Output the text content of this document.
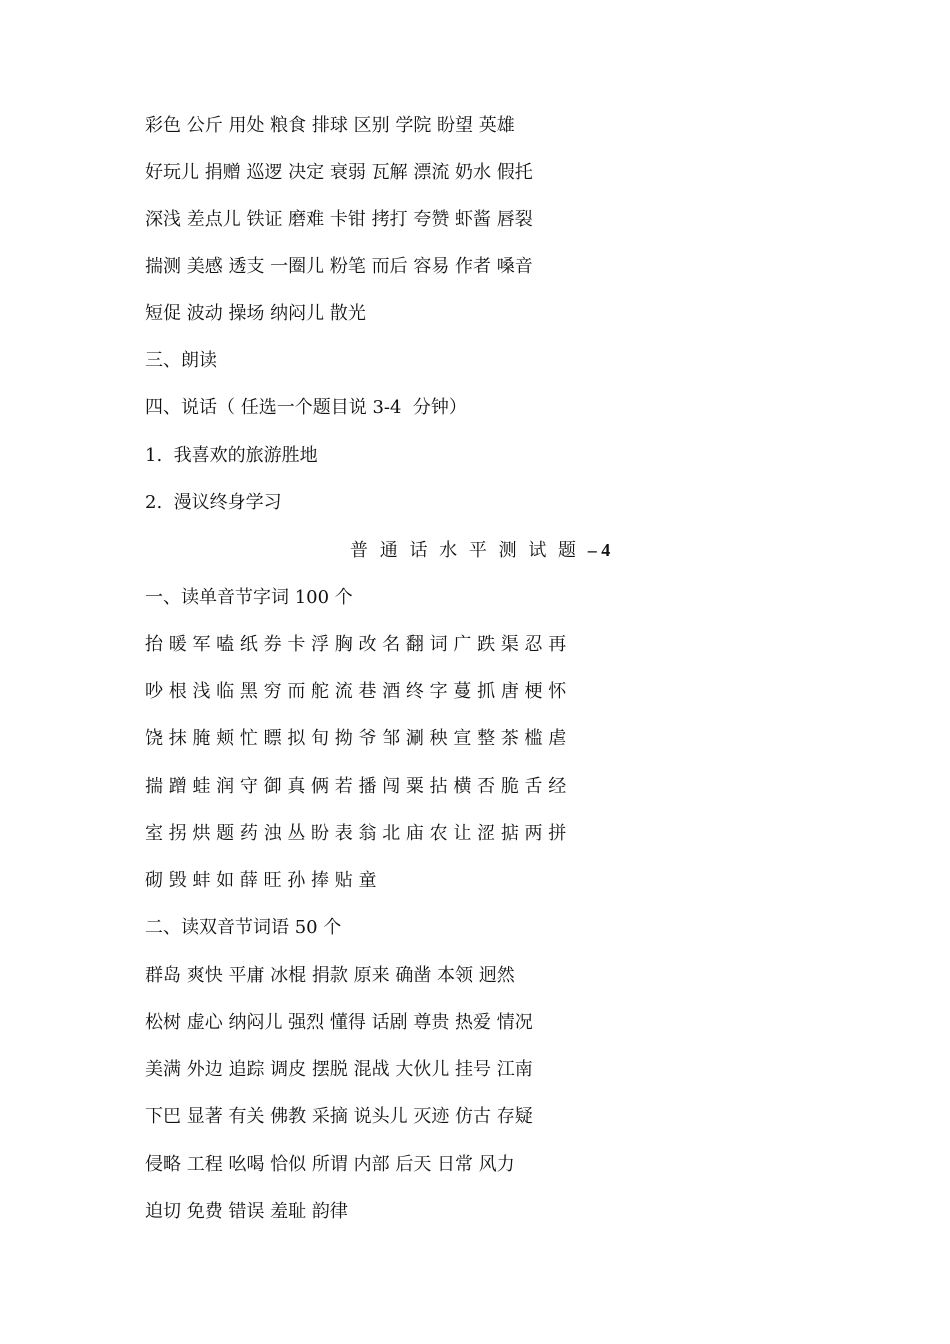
彩色 公斤 用处 粮食 排球 区别 学院 盼望 英雄
好玩儿 捐赠 巡逻 决定 衰弱 瓦解 漂流 奶水 假托
深浅 差点儿 铁证 磨难 卡钳 拷打 夸赞 虾酱 唇裂
揣测 美感 透支 一圈儿 粉笔 而后 容易 作者 嗓音
短促 波动 操场 纳闷儿 散光
三、朗读
四、说话（ 任选一个题目说 3-4  分钟）
1.  我喜欢的旅游胜地
2.  漫议终身学习
普 通 话 水 平 测 试 题 – 4
一、读单音节字词 100 个
抬 暖 军 嗑 纸 券 卡 浮 胸 改 名 翻 词 广 跌 渠 忍 再
吵 根 浅 临 黑 穷 而 舵 流 巷 酒 终 字 蔓 抓 唐 梗 怀
饶 抹 腌 颊 忙 瞟 拟 旬 拗 爷 邹 涮 秧 宣 整 茶 槛 虐
揣 蹭 蛙 润 守 御 真 俩 若 播 闯 粟 拈 横 否 脆 舌 经
室 拐 烘 题 药 浊 丛 盼 表 翁 北 庙 农 让 涩 掂 两 拼
砌 毁 蚌 如 薛 旺 孙 捧 贴 童
二、读双音节词语 50 个
群岛 爽快 平庸 冰棍 捐款 原来 确凿 本领 迥然
松树 虚心 纳闷儿 强烈 懂得 话剧 尊贵 热爱 情况
美满 外边 追踪 调皮 摆脱 混战 大伙儿 挂号 江南
下巴 显著 有关 佛教 采摘 说头儿 灭迹 仿古 存疑
侵略 工程 吆喝 恰似 所谓 内部 后天 日常 风力
迫切 免费 错误 羞耻 韵律
